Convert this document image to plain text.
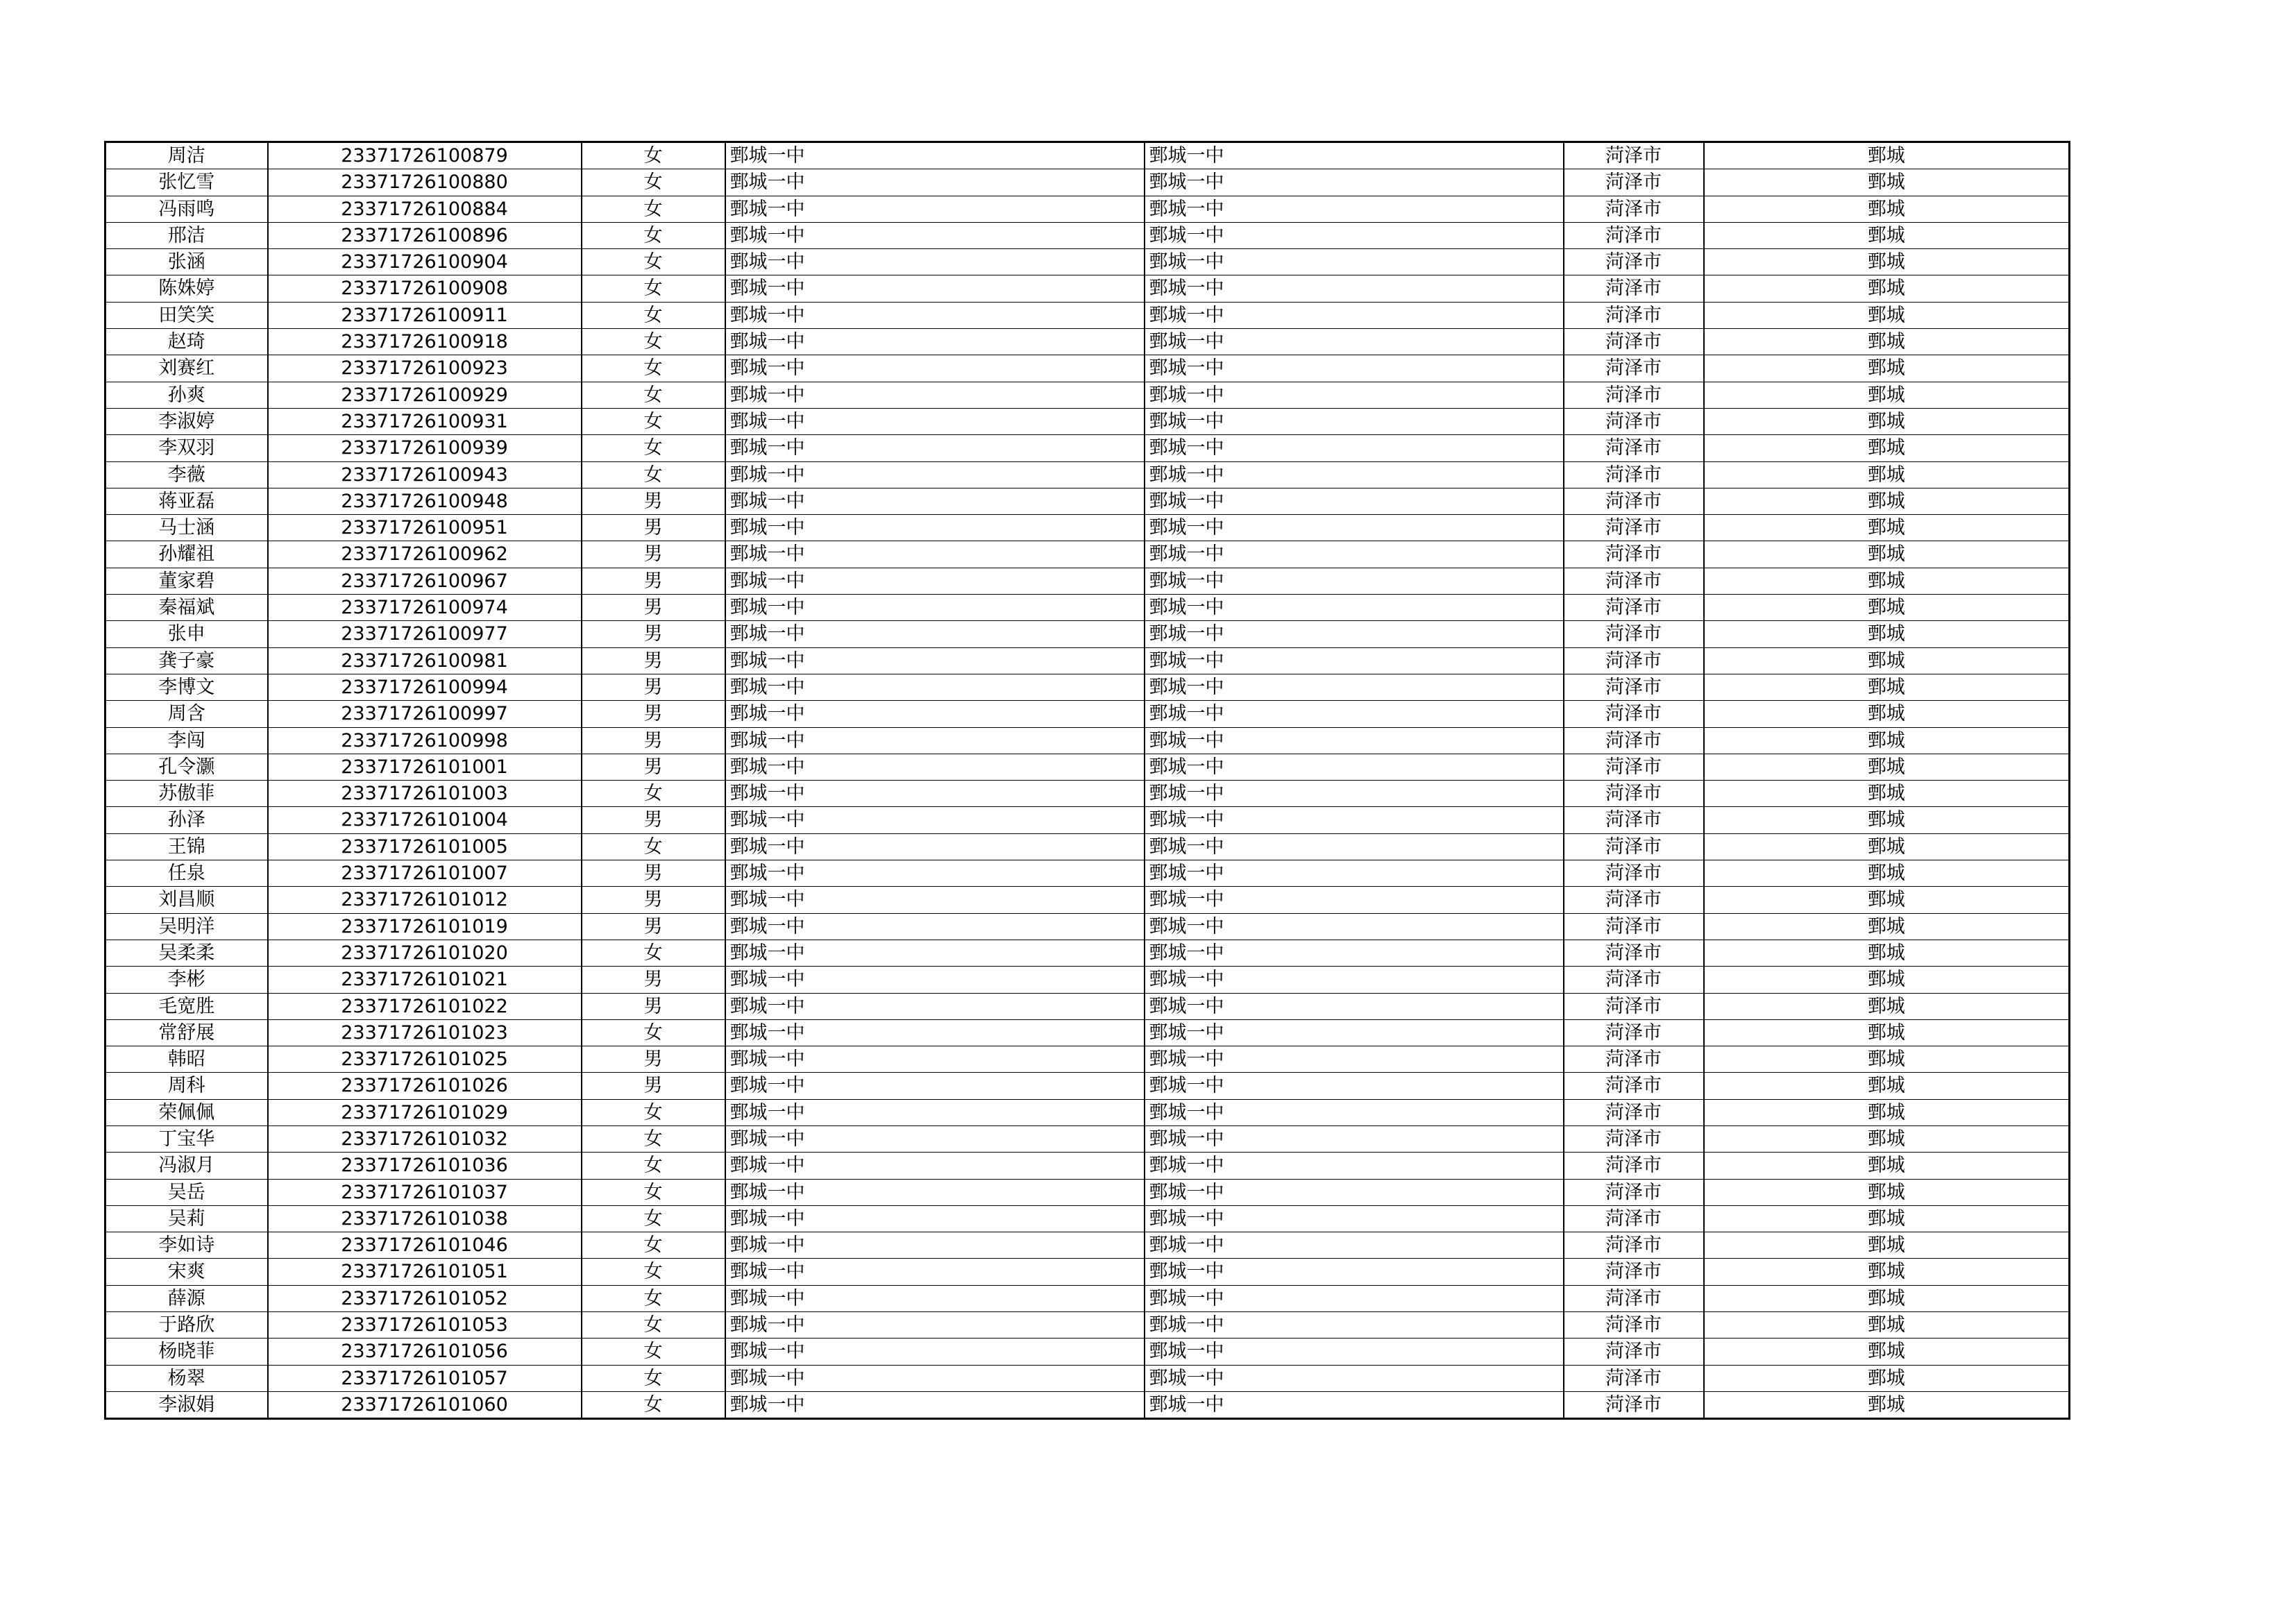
周洁	23371726100879	女	鄄城一中	鄄城一中	菏泽市	鄄城
张忆雪	23371726100880	女	鄄城一中	鄄城一中	菏泽市	鄄城
冯雨鸣	23371726100884	女	鄄城一中	鄄城一中	菏泽市	鄄城
邢洁	23371726100896	女	鄄城一中	鄄城一中	菏泽市	鄄城
张涵	23371726100904	女	鄄城一中	鄄城一中	菏泽市	鄄城
陈姝婷	23371726100908	女	鄄城一中	鄄城一中	菏泽市	鄄城
田笑笑	23371726100911	女	鄄城一中	鄄城一中	菏泽市	鄄城
赵琦	23371726100918	女	鄄城一中	鄄城一中	菏泽市	鄄城
刘赛红	23371726100923	女	鄄城一中	鄄城一中	菏泽市	鄄城
孙爽	23371726100929	女	鄄城一中	鄄城一中	菏泽市	鄄城
李淑婷	23371726100931	女	鄄城一中	鄄城一中	菏泽市	鄄城
李双羽	23371726100939	女	鄄城一中	鄄城一中	菏泽市	鄄城
李薇	23371726100943	女	鄄城一中	鄄城一中	菏泽市	鄄城
蒋亚磊	23371726100948	男	鄄城一中	鄄城一中	菏泽市	鄄城
马士涵	23371726100951	男	鄄城一中	鄄城一中	菏泽市	鄄城
孙耀祖	23371726100962	男	鄄城一中	鄄城一中	菏泽市	鄄城
董家碧	23371726100967	男	鄄城一中	鄄城一中	菏泽市	鄄城
秦福斌	23371726100974	男	鄄城一中	鄄城一中	菏泽市	鄄城
张申	23371726100977	男	鄄城一中	鄄城一中	菏泽市	鄄城
龚子豪	23371726100981	男	鄄城一中	鄄城一中	菏泽市	鄄城
李博文	23371726100994	男	鄄城一中	鄄城一中	菏泽市	鄄城
周含	23371726100997	男	鄄城一中	鄄城一中	菏泽市	鄄城
李闯	23371726100998	男	鄄城一中	鄄城一中	菏泽市	鄄城
孔令灏	23371726101001	男	鄄城一中	鄄城一中	菏泽市	鄄城
苏傲菲	23371726101003	女	鄄城一中	鄄城一中	菏泽市	鄄城
孙泽	23371726101004	男	鄄城一中	鄄城一中	菏泽市	鄄城
王锦	23371726101005	女	鄄城一中	鄄城一中	菏泽市	鄄城
任泉	23371726101007	男	鄄城一中	鄄城一中	菏泽市	鄄城
刘昌顺	23371726101012	男	鄄城一中	鄄城一中	菏泽市	鄄城
吴明洋	23371726101019	男	鄄城一中	鄄城一中	菏泽市	鄄城
吴柔柔	23371726101020	女	鄄城一中	鄄城一中	菏泽市	鄄城
李彬	23371726101021	男	鄄城一中	鄄城一中	菏泽市	鄄城
毛宽胜	23371726101022	男	鄄城一中	鄄城一中	菏泽市	鄄城
常舒展	23371726101023	女	鄄城一中	鄄城一中	菏泽市	鄄城
韩昭	23371726101025	男	鄄城一中	鄄城一中	菏泽市	鄄城
周科	23371726101026	男	鄄城一中	鄄城一中	菏泽市	鄄城
荣佩佩	23371726101029	女	鄄城一中	鄄城一中	菏泽市	鄄城
丁宝华	23371726101032	女	鄄城一中	鄄城一中	菏泽市	鄄城
冯淑月	23371726101036	女	鄄城一中	鄄城一中	菏泽市	鄄城
吴岳	23371726101037	女	鄄城一中	鄄城一中	菏泽市	鄄城
吴莉	23371726101038	女	鄄城一中	鄄城一中	菏泽市	鄄城
李如诗	23371726101046	女	鄄城一中	鄄城一中	菏泽市	鄄城
宋爽	23371726101051	女	鄄城一中	鄄城一中	菏泽市	鄄城
薛源	23371726101052	女	鄄城一中	鄄城一中	菏泽市	鄄城
于路欣	23371726101053	女	鄄城一中	鄄城一中	菏泽市	鄄城
杨晓菲	23371726101056	女	鄄城一中	鄄城一中	菏泽市	鄄城
杨翠	23371726101057	女	鄄城一中	鄄城一中	菏泽市	鄄城
李淑娟	23371726101060	女	鄄城一中	鄄城一中	菏泽市	鄄城
